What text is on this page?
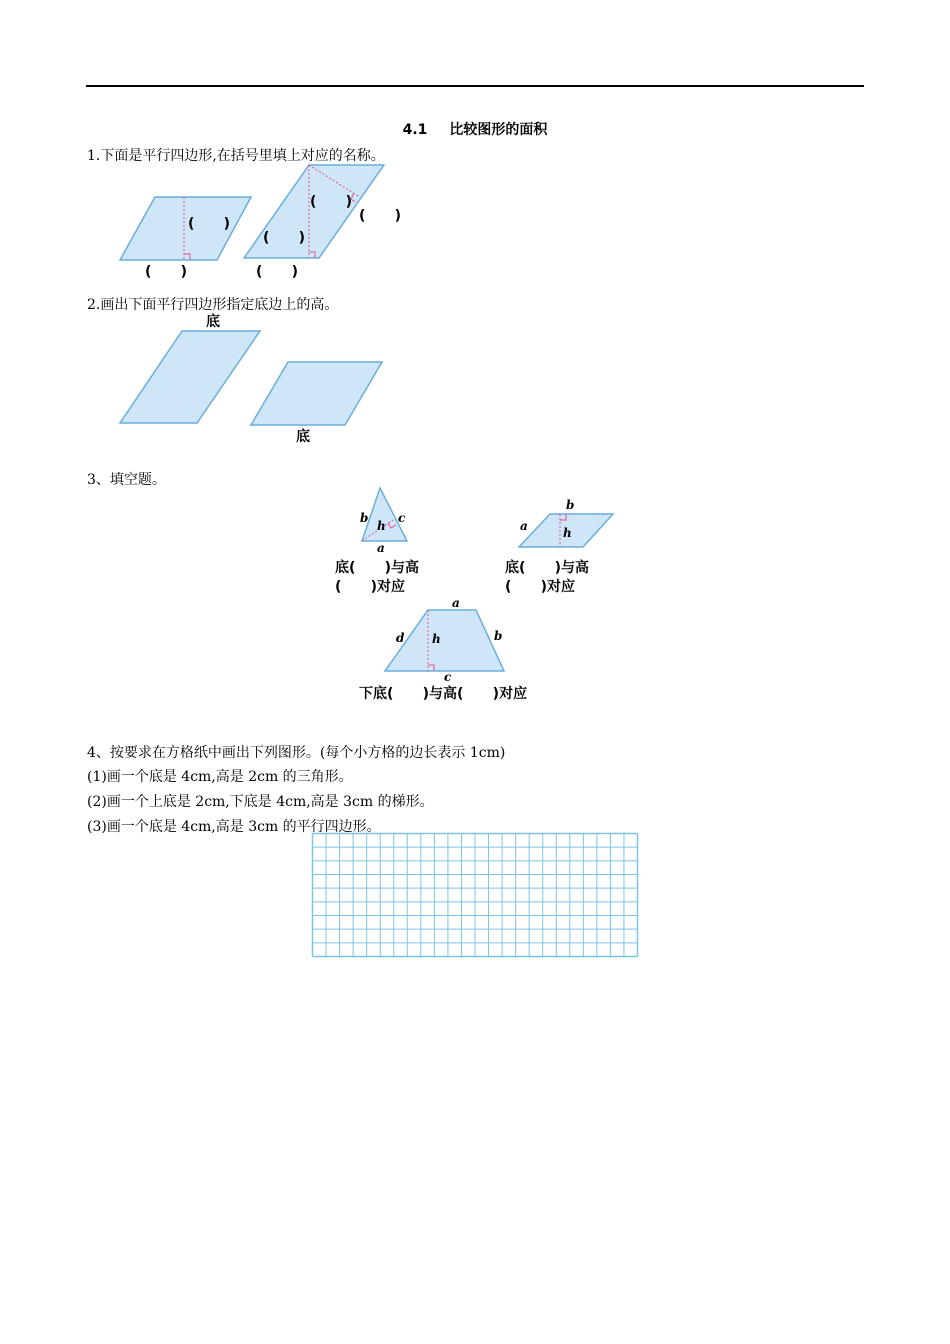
4.1 比较图形的面积
1.下面是平行四边形,在括号里填上对应的名称。
(      )
(      )
(      )
(      )
(      )
(      )
2.画出下面平行四边形指定底边上的高。
底
底
3、填空题。
b c
h
a
底(      )与高
(      )对应
b
a	h
底(      )与高
(      )对应
a
d h	b
c
下底(      )与高(      )对应
4、按要求在方格纸中画出下列图形。(每个小方格的边长表示 1cm)
(1)画一个底是 4cm,高是 2cm 的三角形。
(2)画一个上底是 2cm,下底是 4cm,高是 3cm 的梯形。
(3)画一个底是 4cm,高是 3cm 的平行四边形。
